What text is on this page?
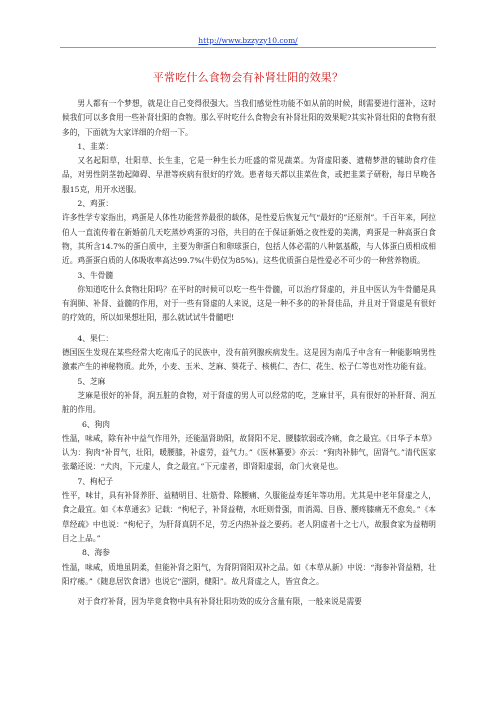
http://www.bzzyzy10.com/
平常吃什么食物会有补肾壮阳的效果？

男人都有一个梦想，就是让自己变得很强大。当我们感觉性功能不如从前的时候，則需要进行滋补，这时候我们可以多食用一些补肾壮阳的食物。那么平时吃什么食物会有补肾壮阳的效果呢?其实补肾壮阳的食物有很多的，下面就为大家详细的介绍一下。

1、韭菜：

又名起阳草，壮阳草、长生韭，它是一种生长力旺盛的常见蔬菜。为肾虚阳萎、遗精梦泄的辅助食疗佳品，对男性阴茎勃起障碍、早泄等疾病有很好的疗效。患者每天都以韭菜佐食，或把韭菜子研粉，每日早晚各服15克，用开水送服。

2、鸡蛋：

许多性学专家指出，鸡蛋是人体性功能营养最很的载体，是性爱后恢复元气“最好的”还原剂”。千百年来，阿拉伯人一直流传着在新婚前几天吃蒸炒鸡蛋的习俗，共目的在于保证新婚之夜性爱的美满，鸡蛋是一种高蛋白食物，其所含14.7%的蛋白质中，主要为卵蛋白和卵球蛋白，包括人体必需的八种氨基酸，与人体蛋白质相成相近。鸡蛋蛋白质的人体吸收率高达99.7%(牛奶仅为85%)。这些优质蛋白是性爱必不可少的一种营养物质。

3、牛骨髓

你知道吃什么食物壮阳吗？在平时的时候可以吃一些牛骨髓，可以治疗肾虚的，并且中医认为牛骨髓是具有润肺、补肾、益髓的作用，对于一些有肾虚的人来说，这是一种不多的的补肾佳品，并且对于肾虚是有很好的疗效的，所以如果想壮阳，那么就试试牛骨髓吧!

4、果仁：

德国医生发现在某些经常大吃南瓜子的民族中，没有前列腺疾病发生。这是因为南瓜子中含有一种能影响男性激素产生的神秘物质。此外，小麦、玉米、芝麻、葵花子、核桃仁、杏仁、花生、松子仁等也对性功能有益。

5、芝麻

芝麻是很好的补肾，润五脏的食物，对于肾虚的男人可以经常的吃，芝麻甘平，具有很好的补肝肾、润五脏的作用。

6、狗肉

性温，味咸，除有补中益气作用外，还能温肾助阳，故肾阳不足、腰膝软弱或冷痛，食之最宜。《日华子本草》认为：狗肉“补胃气，壮阳，暖腰膝，补虚劳，益气力。”《医林纂要》亦云：“狗肉补肺气，固肾气。”清代医家张璐还说：“犬肉，下元虚人，食之最宜。”下元虚者，即肾阳虚弱，命门火衰是也。

7、枸杞子

性平，味甘，具有补肾养肝、益精明目、壮筋骨、除腰痛、久服能益寿延年等功用。尤其是中老年肾虚之人，食之最宜。如《本草通玄》记载：“枸杞子，补肾益精，水旺则骨强，而消渴、目昏、腰疼膝痛无不愈矣。”《本草经疏》中也说：“枸杞子，为肝肾真阴不足，劳乏内热补益之要药。老人阴虚者十之七八，故服食家为益精明目之上品。”

8、海参

性温，味咸，质地虽阴柔，但能补肾之阳气，为肾阴肾阳双补之品。如《本草从新》中说：“海参补肾益精，壮阳疗痿。”《随息居饮食谱》也说它“滋阴，健阳”。故凡肾虚之人，皆宜食之。

对于食疗补肾，因为毕竟食物中具有补肾壮阳功效的成分含量有限，一般来说是需要
